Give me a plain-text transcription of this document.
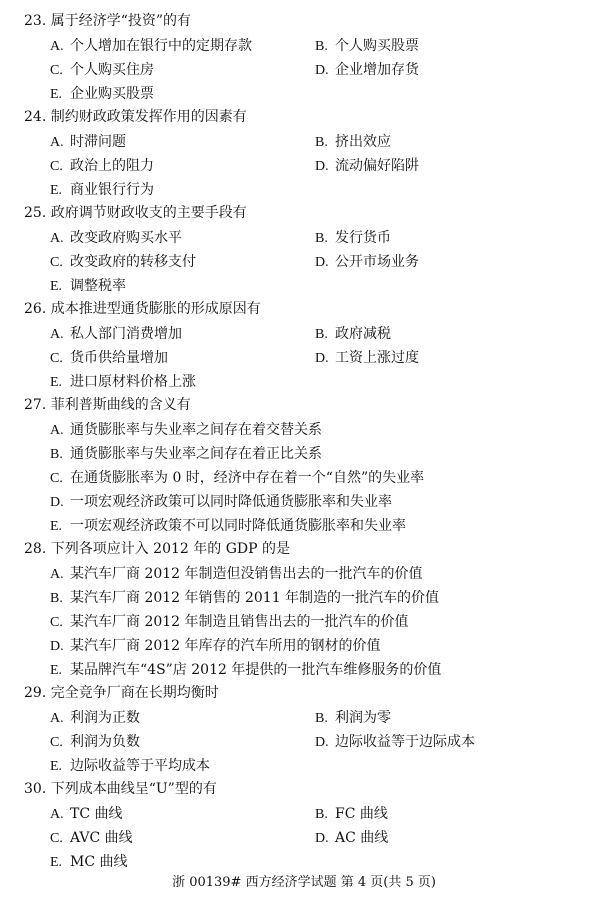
23. 属于经济学“投资”的有
A. 个人增加在银行中的定期存款	B. 个人购买股票
C. 个人购买住房	D. 企业增加存货
E. 企业购买股票
24. 制约财政政策发挥作用的因素有
A. 时滞问题	B. 挤出效应
C. 政治上的阻力	D. 流动偏好陷阱
E. 商业银行行为
25. 政府调节财政收支的主要手段有
A. 改变政府购买水平	B. 发行货币
C. 改变政府的转移支付	D. 公开市场业务
E. 调整税率
26. 成本推进型通货膨胀的形成原因有
A. 私人部门消费增加	B. 政府减税
C. 货币供给量增加	D. 工资上涨过度
E. 进口原材料价格上涨
27. 菲利普斯曲线的含义有
A. 通货膨胀率与失业率之间存在着交替关系
B. 通货膨胀率与失业率之间存在着正比关系
C. 在通货膨胀率为 0 时，经济中存在着一个“自然”的失业率
D. 一项宏观经济政策可以同时降低通货膨胀率和失业率
E. 一项宏观经济政策不可以同时降低通货膨胀率和失业率
28. 下列各项应计入 2012 年的 GDP 的是
A. 某汽车厂商 2012 年制造但没销售出去的一批汽车的价值
B. 某汽车厂商 2012 年销售的 2011 年制造的一批汽车的价值
C. 某汽车厂商 2012 年制造且销售出去的一批汽车的价值
D. 某汽车厂商 2012 年库存的汽车所用的钢材的价值
E. 某品牌汽车“4S”店 2012 年提供的一批汽车维修服务的价值
29. 完全竞争厂商在长期均衡时
A. 利润为正数	B. 利润为零
C. 利润为负数	D. 边际收益等于边际成本
E. 边际收益等于平均成本
30. 下列成本曲线呈“U”型的有
A. TC 曲线	B. FC 曲线
C. AVC 曲线	D. AC 曲线
E. MC 曲线
浙 00139# 西方经济学试题 第 4 页(共 5 页)
